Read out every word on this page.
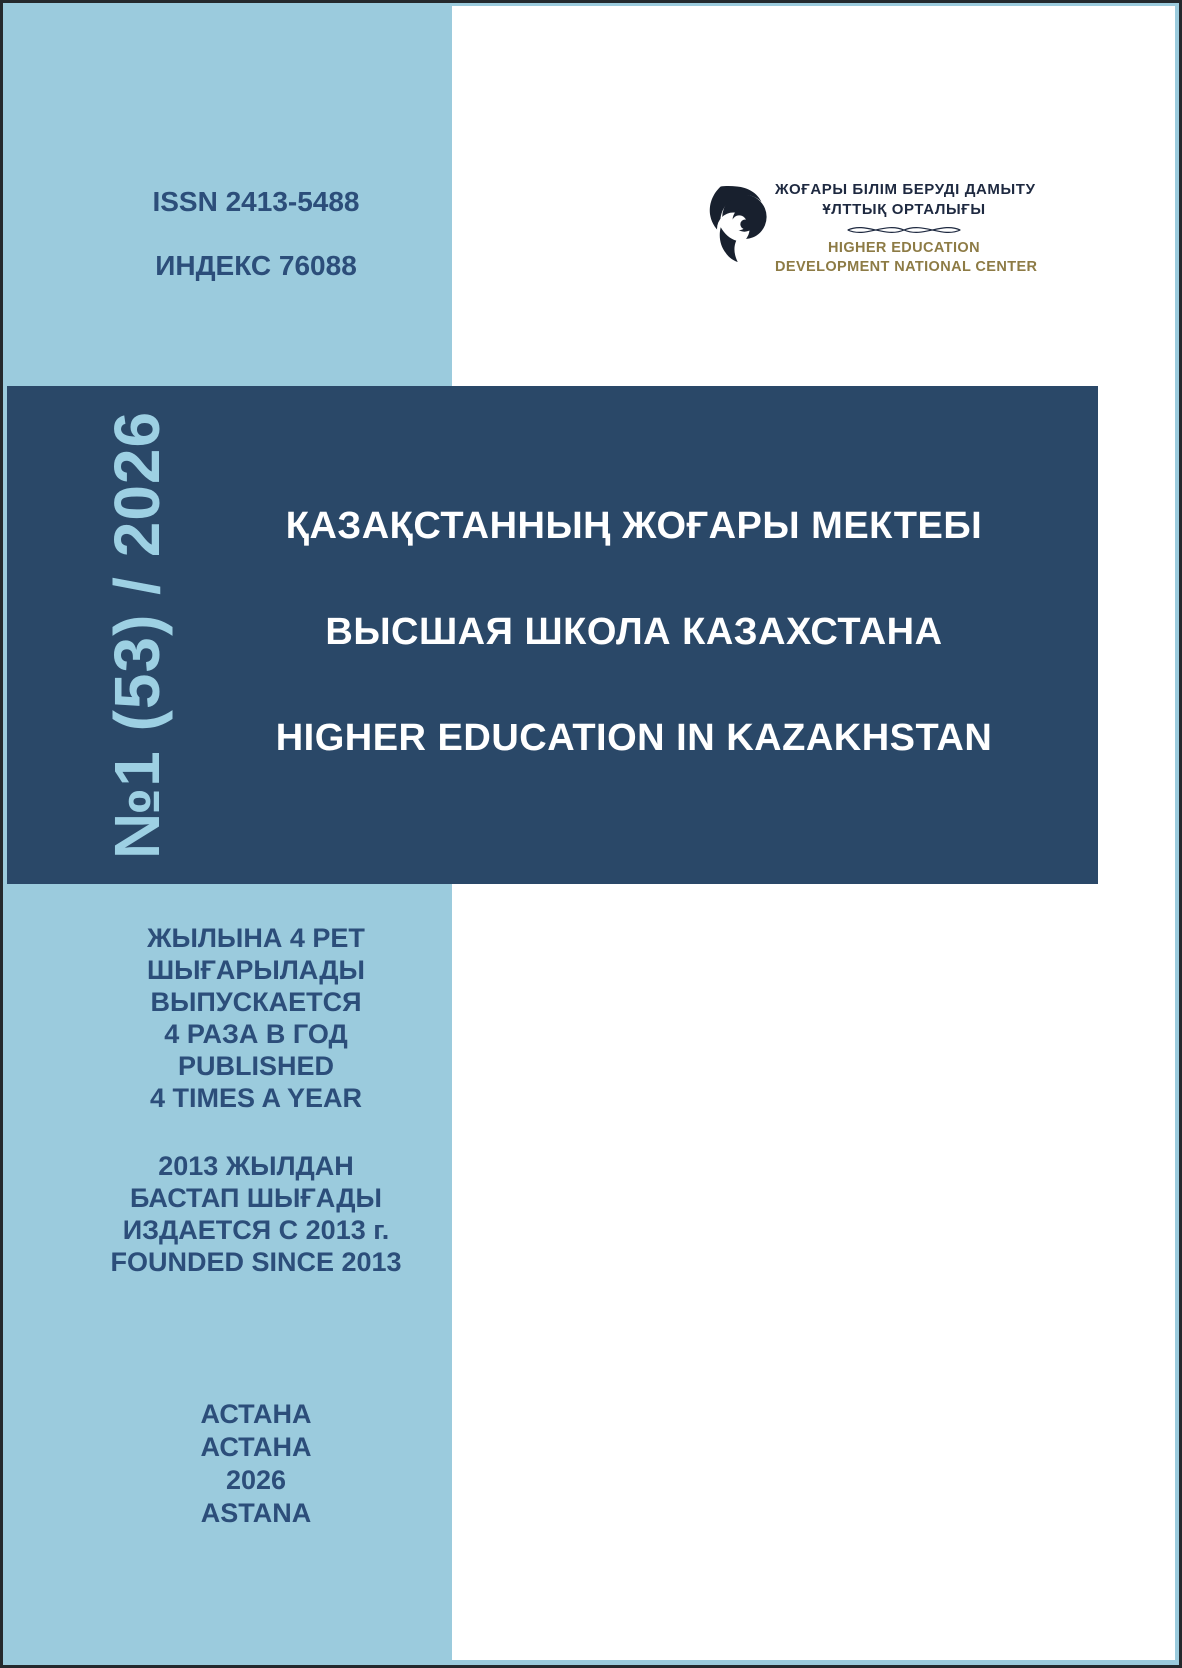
ISSN 2413-5488
ИНДЕКС 76088
ЖОҒАРЫ БІЛІМ БЕРУДІ ДАМЫТУ
ҰЛТТЫҚ ОРТАЛЫҒЫ
HIGHER EDUCATION
DEVELOPMENT NATIONAL CENTER
№1 (53) / 2026	ҚАЗАҚСТАННЫҢ ЖОҒАРЫ МЕКТЕБІ
ВЫСШАЯ ШКОЛА КАЗАХСТАНА
HIGHER EDUCATION IN KAZAKHSTAN
ЖЫЛЫНА 4 РЕТ
ШЫҒАРЫЛАДЫ
ВЫПУСКАЕТСЯ
4 РАЗА В ГОД
PUBLISHED
4 TIMES A YEAR
2013 ЖЫЛДАН
БАСТАП ШЫҒАДЫ
ИЗДАЕТСЯ С 2013 г.
FOUNDED SINCE 2013
АСТАНА
АСТАНА
2026
ASTANA
